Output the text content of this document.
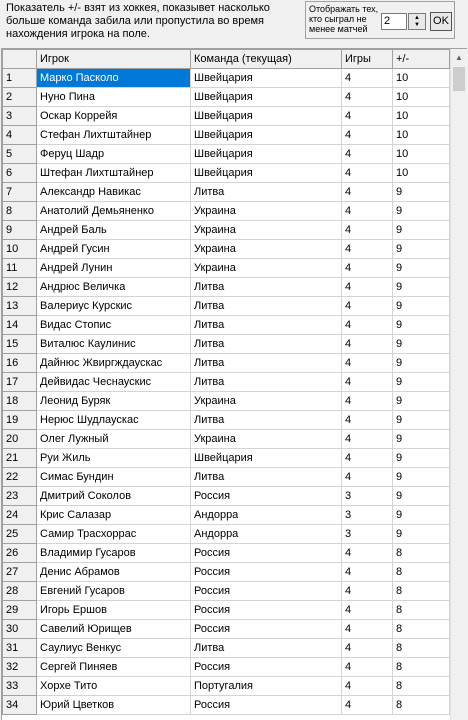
Показатель +/- взят из хоккея, показывет насколько больше команда забила или пропустила во время нахождения игрока на поле.
Отображать тех, кто сыграл не менее матчей
2	▲
▼	OK
	Игрок	Команда (текущая)	Игры	+/-
1	Марко Пасколо	Швейцария	4	10
2	Нуно Пина	Швейцария	4	10
3	Оскар Коррейя	Швейцария	4	10
4	Стефан Лихтштайнер	Швейцария	4	10
5	Феруц Шадр	Швейцария	4	10
6	Штефан Лихтштайнер	Швейцария	4	10
7	Александр Навикас	Литва	4	9
8	Анатолий Демьяненко	Украина	4	9
9	Андрей Баль	Украина	4	9
10	Андрей Гусин	Украина	4	9
11	Андрей Лунин	Украина	4	9
12	Андрюс Величка	Литва	4	9
13	Валериус Курскис	Литва	4	9
14	Видас Стопис	Литва	4	9
15	Виталюс Каулинис	Литва	4	9
16	Дайнюс Жвиргждаускас	Литва	4	9
17	Дейвидас Чеснаускис	Литва	4	9
18	Леонид Буряк	Украина	4	9
19	Нерюс Шудлаускас	Литва	4	9
20	Олег Лужный	Украина	4	9
21	Руи Жиль	Швейцария	4	9
22	Симас Бундин	Литва	4	9
23	Дмитрий Соколов	Россия	3	9
24	Крис Салазар	Андорра	3	9
25	Самир Трасхоррас	Андорра	3	9
26	Владимир Гусаров	Россия	4	8
27	Денис Абрамов	Россия	4	8
28	Евгений Гусаров	Россия	4	8
29	Игорь Ершов	Россия	4	8
30	Савелий Юрищев	Россия	4	8
31	Саулиус Венкус	Литва	4	8
32	Сергей Пиняев	Россия	4	8
33	Хорхе Тито	Португалия	4	8
34	Юрий Цветков	Россия	4	8
▲
